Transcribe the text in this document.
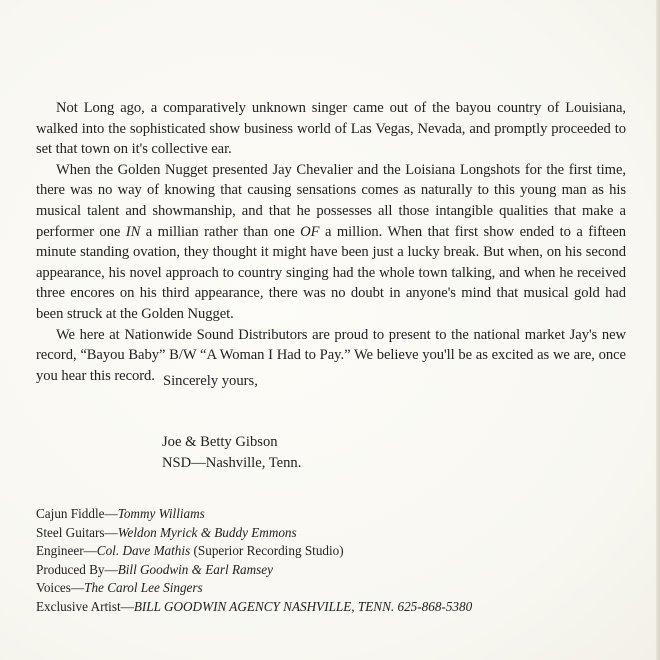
Not Long ago, a comparatively unknown singer came out of the bayou country of Louisiana, walked into the sophisticated show business world of Las Vegas, Nevada, and promptly proceeded to set that town on it's collective ear.

When the Golden Nugget presented Jay Chevalier and the Loisiana Longshots for the first time, there was no way of knowing that causing sensations comes as naturally to this young man as his musical talent and showmanship, and that he possesses all those intangible qualities that make a performer one IN a millian rather than one OF a million. When that first show ended to a fifteen minute standing ovation, they thought it might have been just a lucky break. But when, on his second appearance, his novel approach to country singing had the whole town talking, and when he received three encores on his third appearance, there was no doubt in anyone's mind that musical gold had been struck at the Golden Nugget.

We here at Nationwide Sound Distributors are proud to present to the national market Jay's new record, “Bayou Baby” B/W “A Woman I Had to Pay.” We believe you'll be as excited as we are, once you hear this record. Sincerely yours,
Joe & Betty Gibson
NSD—Nashville, Tenn.
Cajun Fiddle—Tommy Williams
Steel Guitars—Weldon Myrick & Buddy Emmons
Engineer—Col. Dave Mathis (Superior Recording Studio)
Produced By—Bill Goodwin & Earl Ramsey
Voices—The Carol Lee Singers
Exclusive Artist—BILL GOODWIN AGENCY NASHVILLE, TENN. 625-868-5380
